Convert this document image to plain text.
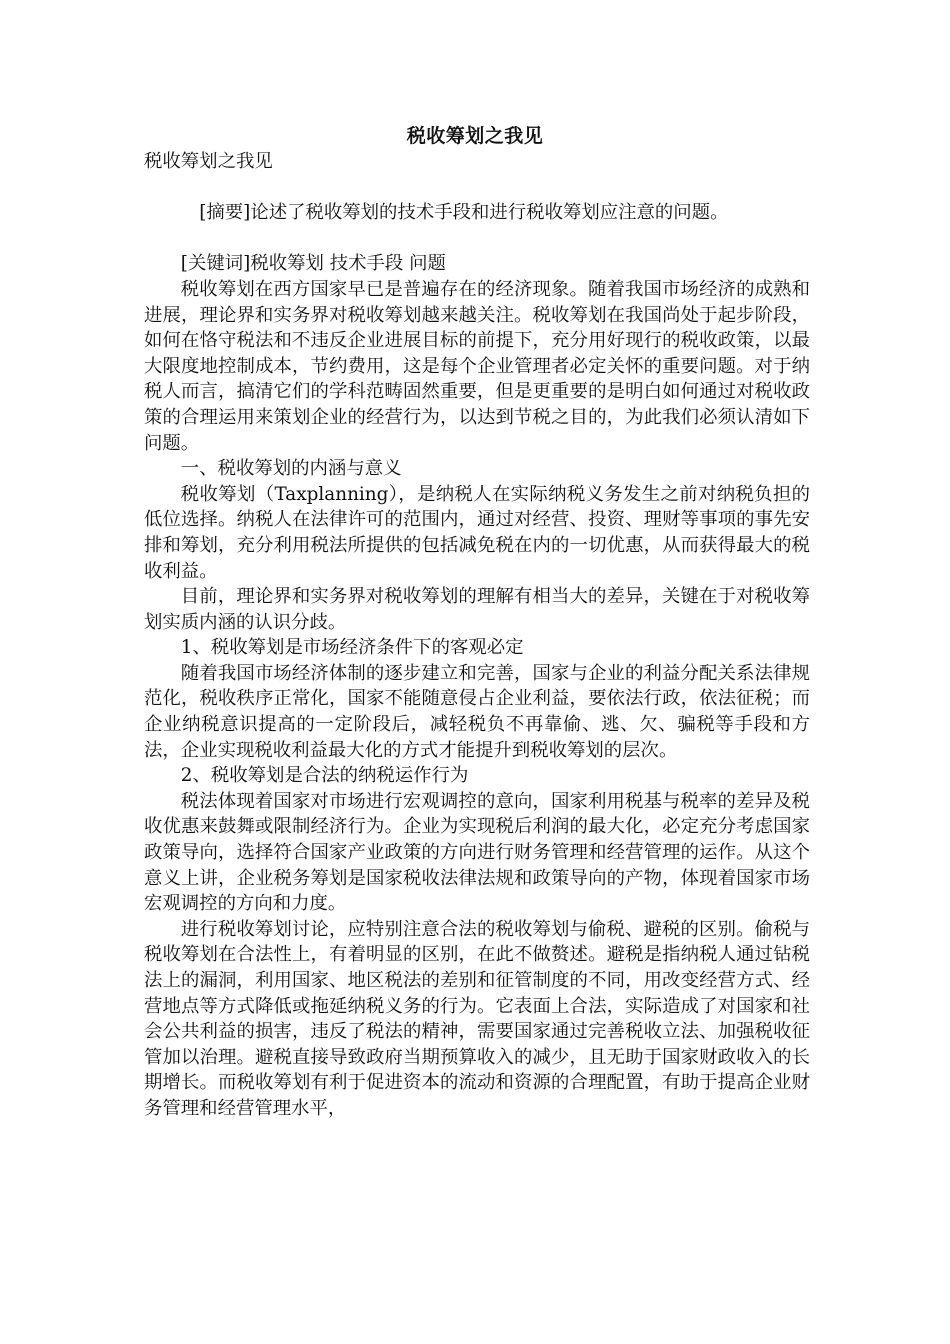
税收筹划之我见

税收筹划之我见

[摘要]论述了税收筹划的技术手段和进行税收筹划应注意的问题。

[关键词]税收筹划 技术手段 问题

税收筹划在西方国家早已是普遍存在的经济现象。随着我国市场经济的成熟和进展，理论界和实务界对税收筹划越来越关注。税收筹划在我国尚处于起步阶段，如何在恪守税法和不违反企业进展目标的前提下，充分用好现行的税收政策，以最大限度地控制成本，节约费用，这是每个企业管理者必定关怀的重要问题。对于纳税人而言，搞清它们的学科范畴固然重要，但是更重要的是明白如何通过对税收政策的合理运用来策划企业的经营行为，以达到节税之目的，为此我们必须认清如下问题。

一、税收筹划的内涵与意义

税收筹划（Taxplanning），是纳税人在实际纳税义务发生之前对纳税负担的低位选择。纳税人在法律许可的范围内，通过对经营、投资、理财等事项的事先安排和筹划，充分利用税法所提供的包括减免税在内的一切优惠，从而获得最大的税收利益。

目前，理论界和实务界对税收筹划的理解有相当大的差异，关键在于对税收筹划实质内涵的认识分歧。

1、税收筹划是市场经济条件下的客观必定

随着我国市场经济体制的逐步建立和完善，国家与企业的利益分配关系法律规范化，税收秩序正常化，国家不能随意侵占企业利益，要依法行政，依法征税；而企业纳税意识提高的一定阶段后，减轻税负不再靠偷、逃、欠、骗税等手段和方法，企业实现税收利益最大化的方式才能提升到税收筹划的层次。

2、税收筹划是合法的纳税运作行为

税法体现着国家对市场进行宏观调控的意向，国家利用税基与税率的差异及税收优惠来鼓舞或限制经济行为。企业为实现税后利润的最大化，必定充分考虑国家政策导向，选择符合国家产业政策的方向进行财务管理和经营管理的运作。从这个意义上讲，企业税务筹划是国家税收法律法规和政策导向的产物，体现着国家市场宏观调控的方向和力度。

进行税收筹划讨论，应特别注意合法的税收筹划与偷税、避税的区别。偷税与税收筹划在合法性上，有着明显的区别，在此不做赘述。避税是指纳税人通过钻税法上的漏洞，利用国家、地区税法的差别和征管制度的不同，用改变经营方式、经营地点等方式降低或拖延纳税义务的行为。它表面上合法，实际造成了对国家和社会公共利益的损害，违反了税法的精神，需要国家通过完善税收立法、加强税收征管加以治理。避税直接导致政府当期预算收入的减少，且无助于国家财政收入的长期增长。而税收筹划有利于促进资本的流动和资源的合理配置，有助于提高企业财务管理和经营管理水平，
